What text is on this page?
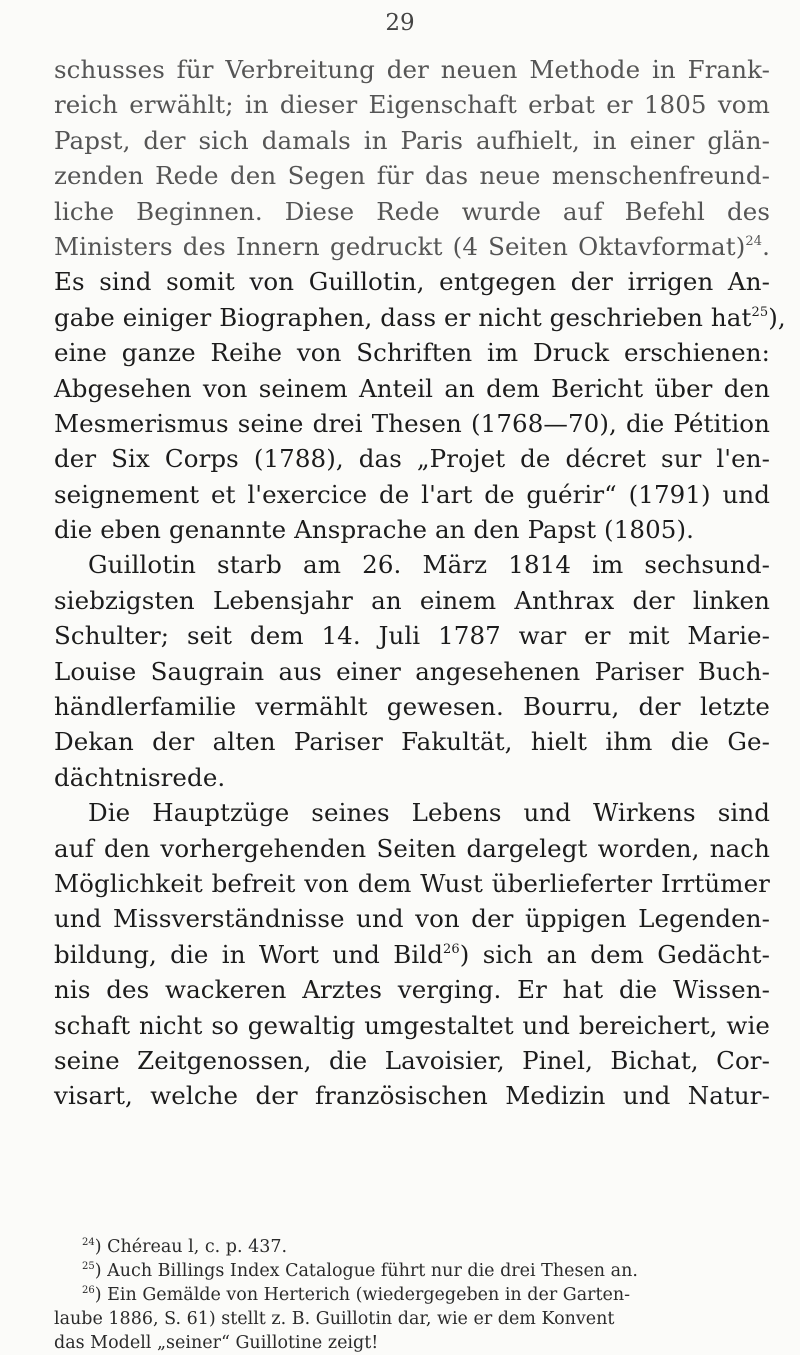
29
schusses für Verbreitung der neuen Methode in Frank-
reich erwählt; in dieser Eigenschaft erbat er 1805 vom
Papst, der sich damals in Paris aufhielt, in einer glän-
zenden Rede den Segen für das neue menschenfreund-
liche Beginnen. Diese Rede wurde auf Befehl des
Ministers des Innern gedruckt (4 Seiten Oktavformat)$^{24}$.
Es sind somit von Guillotin, entgegen der irrigen An-
gabe einiger Biographen, dass er nicht geschrieben hat$^{25}$),
eine ganze Reihe von Schriften im Druck erschienen:
Abgesehen von seinem Anteil an dem Bericht über den
Mesmerismus seine drei Thesen (1768—70), die Pétition
der Six Corps (1788), das „Projet de décret sur l'en-
seignement et l'exercice de l'art de guérir“ (1791) und
die eben genannte Ansprache an den Papst (1805).
Guillotin starb am 26. März 1814 im sechsund-
siebzigsten Lebensjahr an einem Anthrax der linken
Schulter; seit dem 14. Juli 1787 war er mit Marie-
Louise Saugrain aus einer angesehenen Pariser Buch-
händlerfamilie vermählt gewesen. Bourru, der letzte
Dekan der alten Pariser Fakultät, hielt ihm die Ge-
dächtnisrede.
Die Hauptzüge seines Lebens und Wirkens sind
auf den vorhergehenden Seiten dargelegt worden, nach
Möglichkeit befreit von dem Wust überlieferter Irrtümer
und Missverständnisse und von der üppigen Legenden-
bildung, die in Wort und Bild$^{26}$) sich an dem Gedächt-
nis des wackeren Arztes verging. Er hat die Wissen-
schaft nicht so gewaltig umgestaltet und bereichert, wie
seine Zeitgenossen, die Lavoisier, Pinel, Bichat, Cor-
visart, welche der französischen Medizin und Natur-
$^{24}$) Chéreau l, c. p. 437.
$^{25}$) Auch Billings Index Catalogue führt nur die drei Thesen an.
$^{26}$) Ein Gemälde von Herterich (wiedergegeben in der Garten-
laube 1886, S. 61) stellt z. B. Guillotin dar, wie er dem Konvent
das Modell „seiner“ Guillotine zeigt!
